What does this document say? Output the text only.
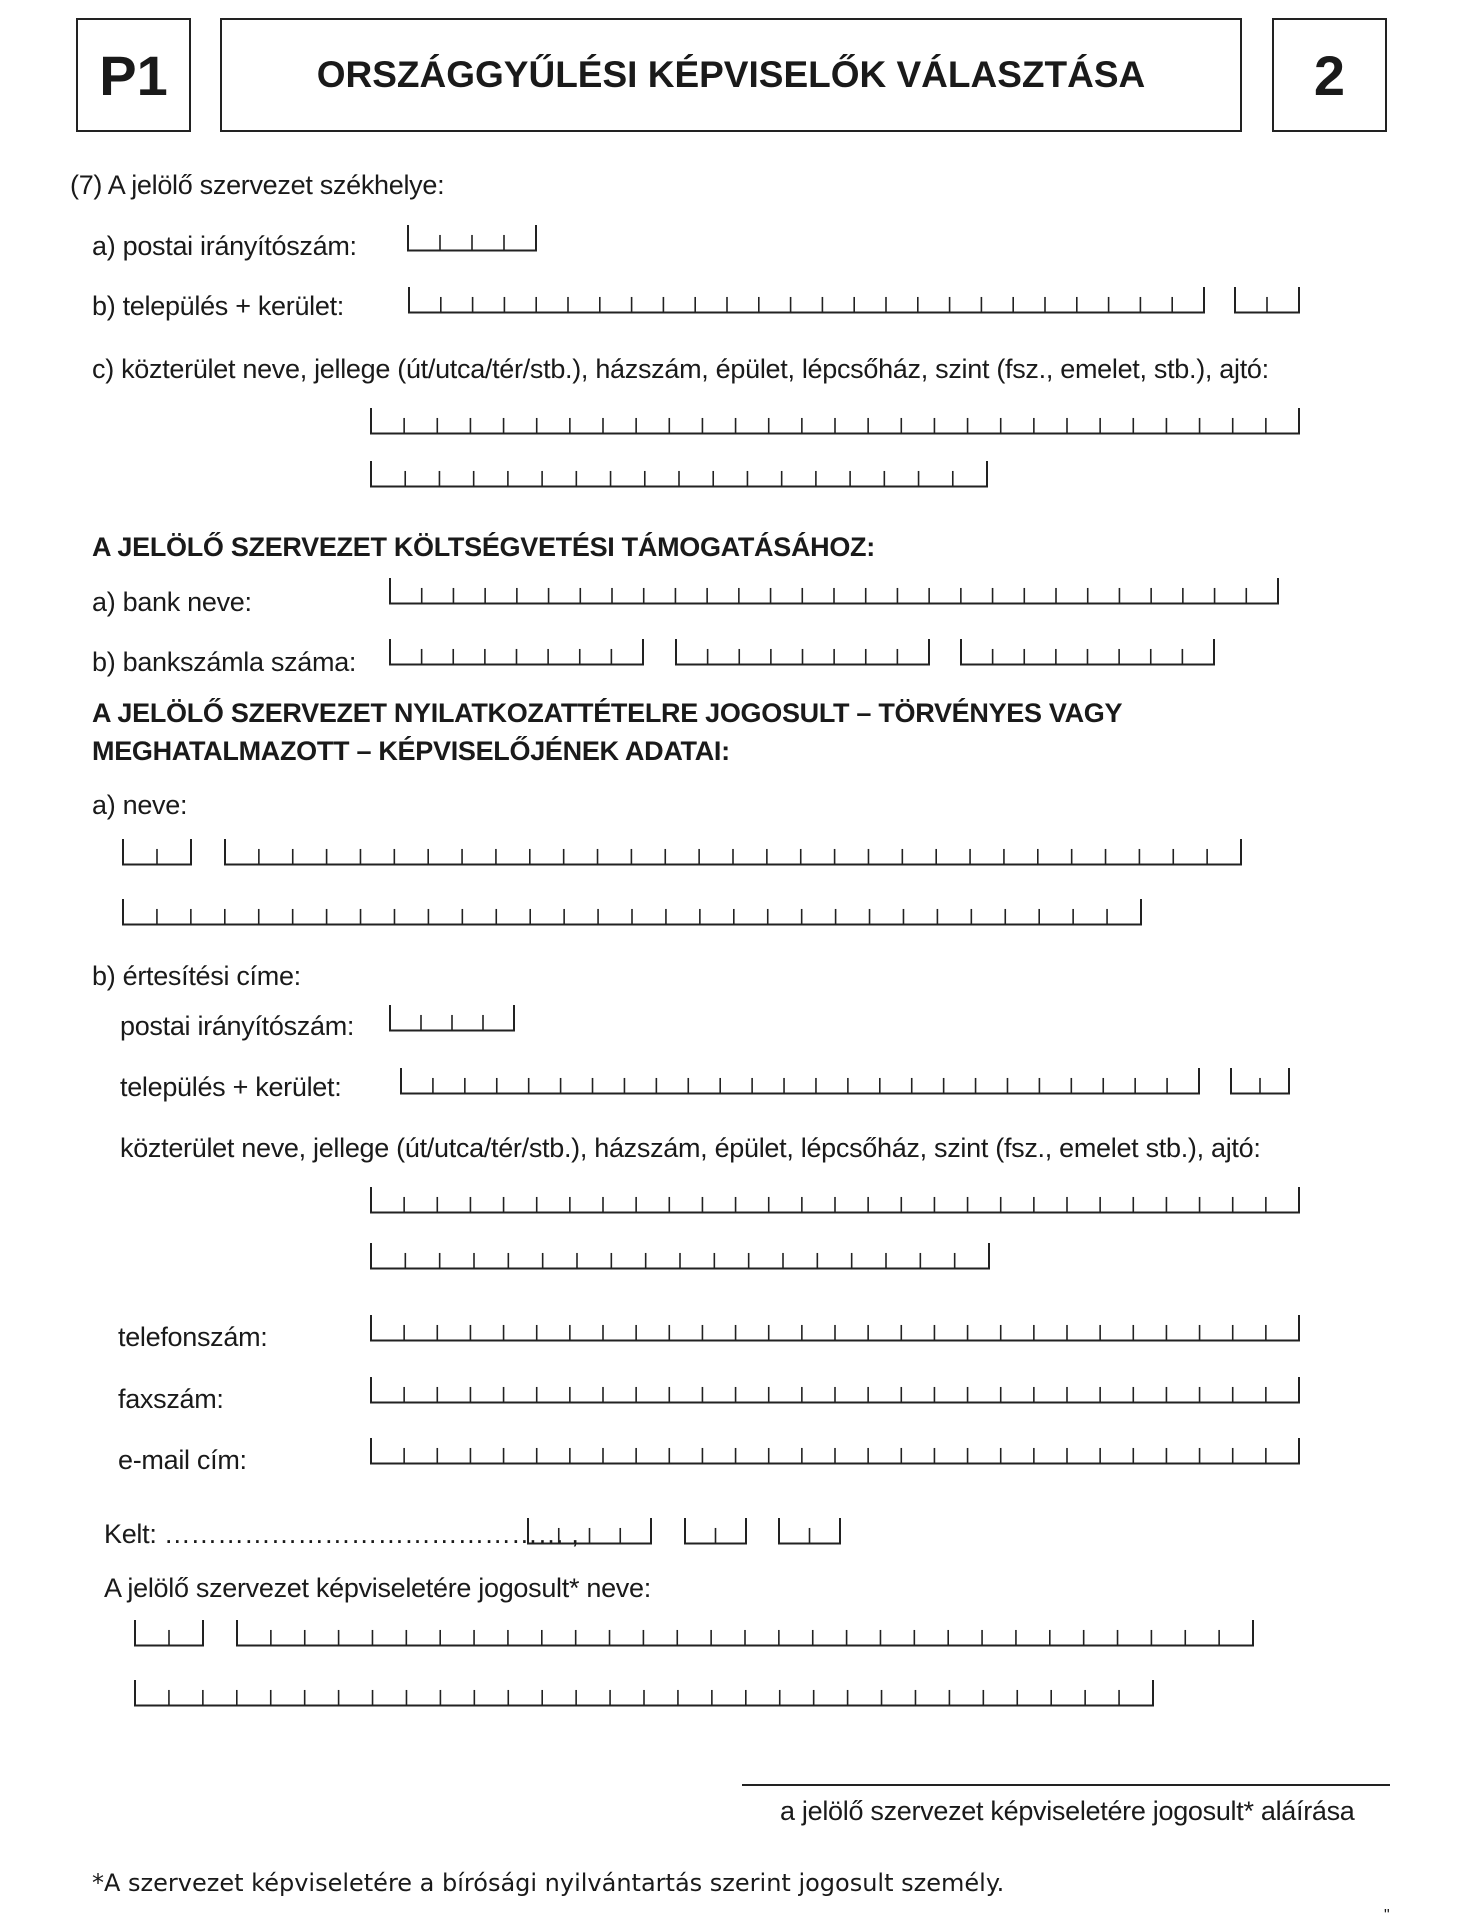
P1	ORSZÁGGYŰLÉSI KÉPVISELŐK VÁLASZTÁSA	2
(7) A jelölő szervezet székhelye:
a) postai irányítószám:
b) település + kerület:
c) közterület neve, jellege (út/utca/tér/stb.), házszám, épület, lépcsőház, szint (fsz., emelet, stb.), ajtó:
A JELÖLŐ SZERVEZET KÖLTSÉGVETÉSI TÁMOGATÁSÁHOZ:
a) bank neve:
b) bankszámla száma:
A JELÖLŐ SZERVEZET NYILATKOZATTÉTELRE JOGOSULT – TÖRVÉNYES VAGY
MEGHATALMAZOTT – KÉPVISELŐJÉNEK ADATAI:
a) neve:
b) értesítési címe:
postai irányítószám:
település + kerület:
közterület neve, jellege (út/utca/tér/stb.), házszám, épület, lépcsőház, szint (fsz., emelet stb.), ajtó:
telefonszám:
faxszám:
e-mail cím:
Kelt: ……………………………………… ,
A jelölő szervezet képviseletére jogosult* neve:
a jelölő szervezet képviseletére jogosult* aláírása
*A szervezet képviseletére a bírósági nyilvántartás szerint jogosult személy.
"
